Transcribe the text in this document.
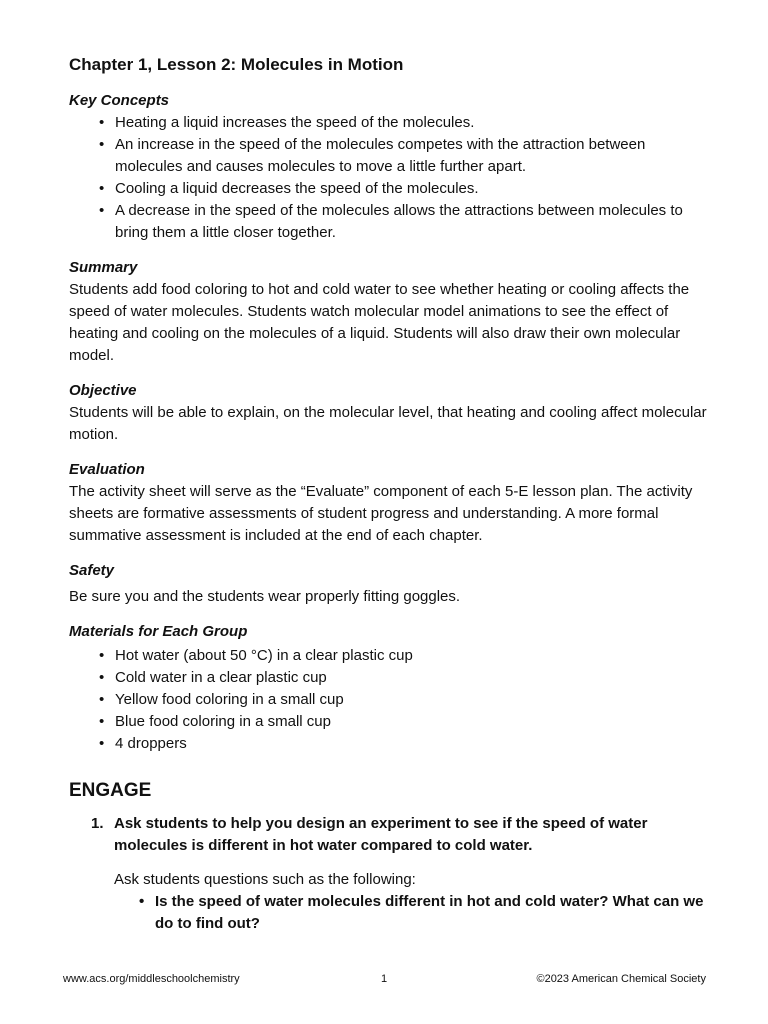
Chapter 1, Lesson 2: Molecules in Motion
Key Concepts
• Heating a liquid increases the speed of the molecules.
• An increase in the speed of the molecules competes with the attraction between molecules and causes molecules to move a little further apart.
• Cooling a liquid decreases the speed of the molecules.
• A decrease in the speed of the molecules allows the attractions between molecules to bring them a little closer together.
Summary

Students add food coloring to hot and cold water to see whether heating or cooling affects the speed of water molecules. Students watch molecular model animations to see the effect of heating and cooling on the molecules of a liquid. Students will also draw their own molecular model.

Objective

Students will be able to explain, on the molecular level, that heating and cooling affect molecular motion.

Evaluation

The activity sheet will serve as the “Evaluate” component of each 5-E lesson plan. The activity sheets are formative assessments of student progress and understanding. A more formal summative assessment is included at the end of each chapter.

Safety

Be sure you and the students wear properly fitting goggles.

Materials for Each Group
• Hot water (about 50 °C) in a clear plastic cup
• Cold water in a clear plastic cup
• Yellow food coloring in a small cup
• Blue food coloring in a small cup
• 4 droppers
ENGAGE
1. Ask students to help you design an experiment to see if the speed of water molecules is different in hot water compared to cold water.
Ask students questions such as the following:
• Is the speed of water molecules different in hot and cold water? What can we do to find out?
www.acs.org/middleschoolchemistry	1	©2023 American Chemical Society
